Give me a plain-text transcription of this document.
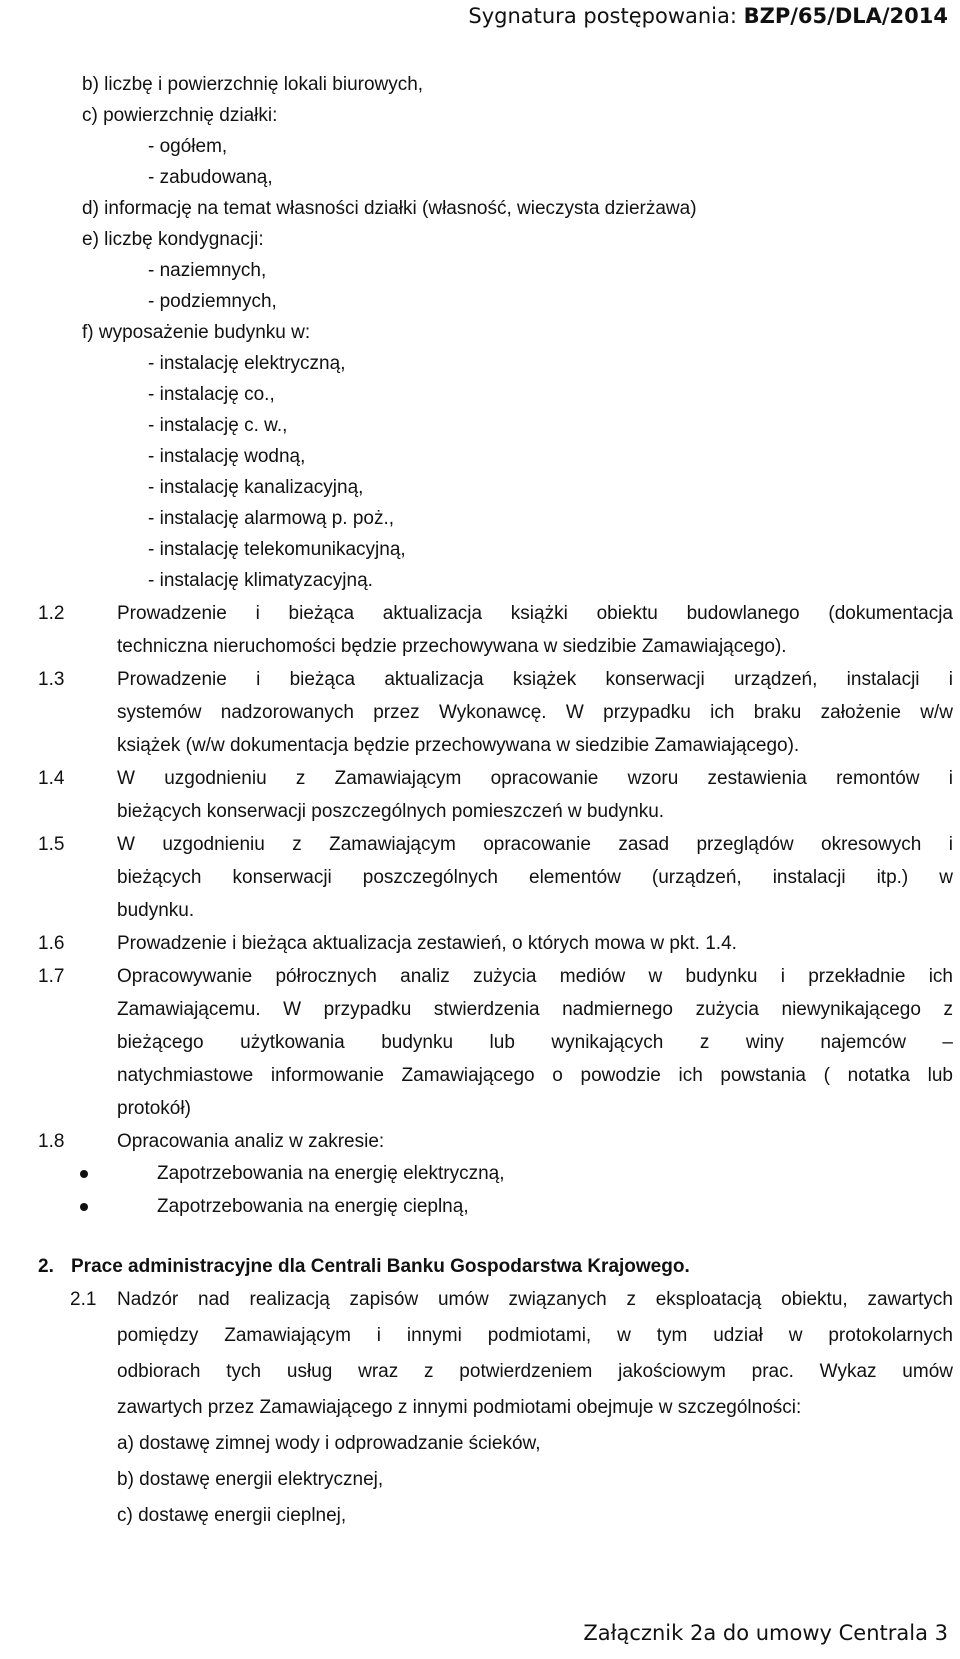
Sygnatura postępowania: BZP/65/DLA/2014
b) liczbę i powierzchnię lokali biurowych,
c) powierzchnię działki:
- ogółem,
- zabudowaną,
d) informację na temat własności działki (własność, wieczysta dzierżawa)
e) liczbę kondygnacji:
- naziemnych,
- podziemnych,
f) wyposażenie budynku w:
- instalację elektryczną,
- instalację co.,
- instalację c. w.,
- instalację wodną,
- instalację kanalizacyjną,
- instalację alarmową p. poż.,
- instalację telekomunikacyjną,
- instalację klimatyzacyjną.
1.2	Prowadzenie i bieżąca aktualizacja książki obiektu budowlanego (dokumentacja
techniczna nieruchomości będzie przechowywana w siedzibie Zamawiającego).
1.3	Prowadzenie i bieżąca aktualizacja książek konserwacji urządzeń, instalacji i
systemów nadzorowanych przez Wykonawcę. W przypadku ich braku założenie w/w
książek (w/w dokumentacja będzie przechowywana w siedzibie Zamawiającego).
1.4	W uzgodnieniu z Zamawiającym opracowanie wzoru zestawienia remontów i
bieżących konserwacji poszczególnych pomieszczeń w budynku.
1.5	W uzgodnieniu z Zamawiającym opracowanie zasad przeglądów okresowych i
bieżących konserwacji poszczególnych elementów (urządzeń, instalacji itp.) w
budynku.
1.6	Prowadzenie i bieżąca aktualizacja zestawień, o których mowa w pkt. 1.4.
1.7	Opracowywanie półrocznych analiz zużycia mediów w budynku i przekładnie ich
Zamawiającemu. W przypadku stwierdzenia nadmiernego zużycia niewynikającego z
bieżącego użytkowania budynku lub wynikających z winy najemców –
natychmiastowe informowanie Zamawiającego o powodzie ich powstania ( notatka lub
protokół)
1.8	Opracowania analiz w zakresie:
Zapotrzebowania na energię elektryczną,
Zapotrzebowania na energię cieplną,
2. Prace administracyjne dla Centrali Banku Gospodarstwa Krajowego.
2.1 Nadzór nad realizacją zapisów umów związanych z eksploatacją obiektu, zawartych
pomiędzy Zamawiającym i innymi podmiotami, w tym udział w protokolarnych
odbiorach tych usług wraz z potwierdzeniem jakościowym prac. Wykaz umów
zawartych przez Zamawiającego z innymi podmiotami obejmuje w szczególności:
a) dostawę zimnej wody i odprowadzanie ścieków,
b) dostawę energii elektrycznej,
c) dostawę energii cieplnej,
Załącznik 2a do umowy Centrala 3
